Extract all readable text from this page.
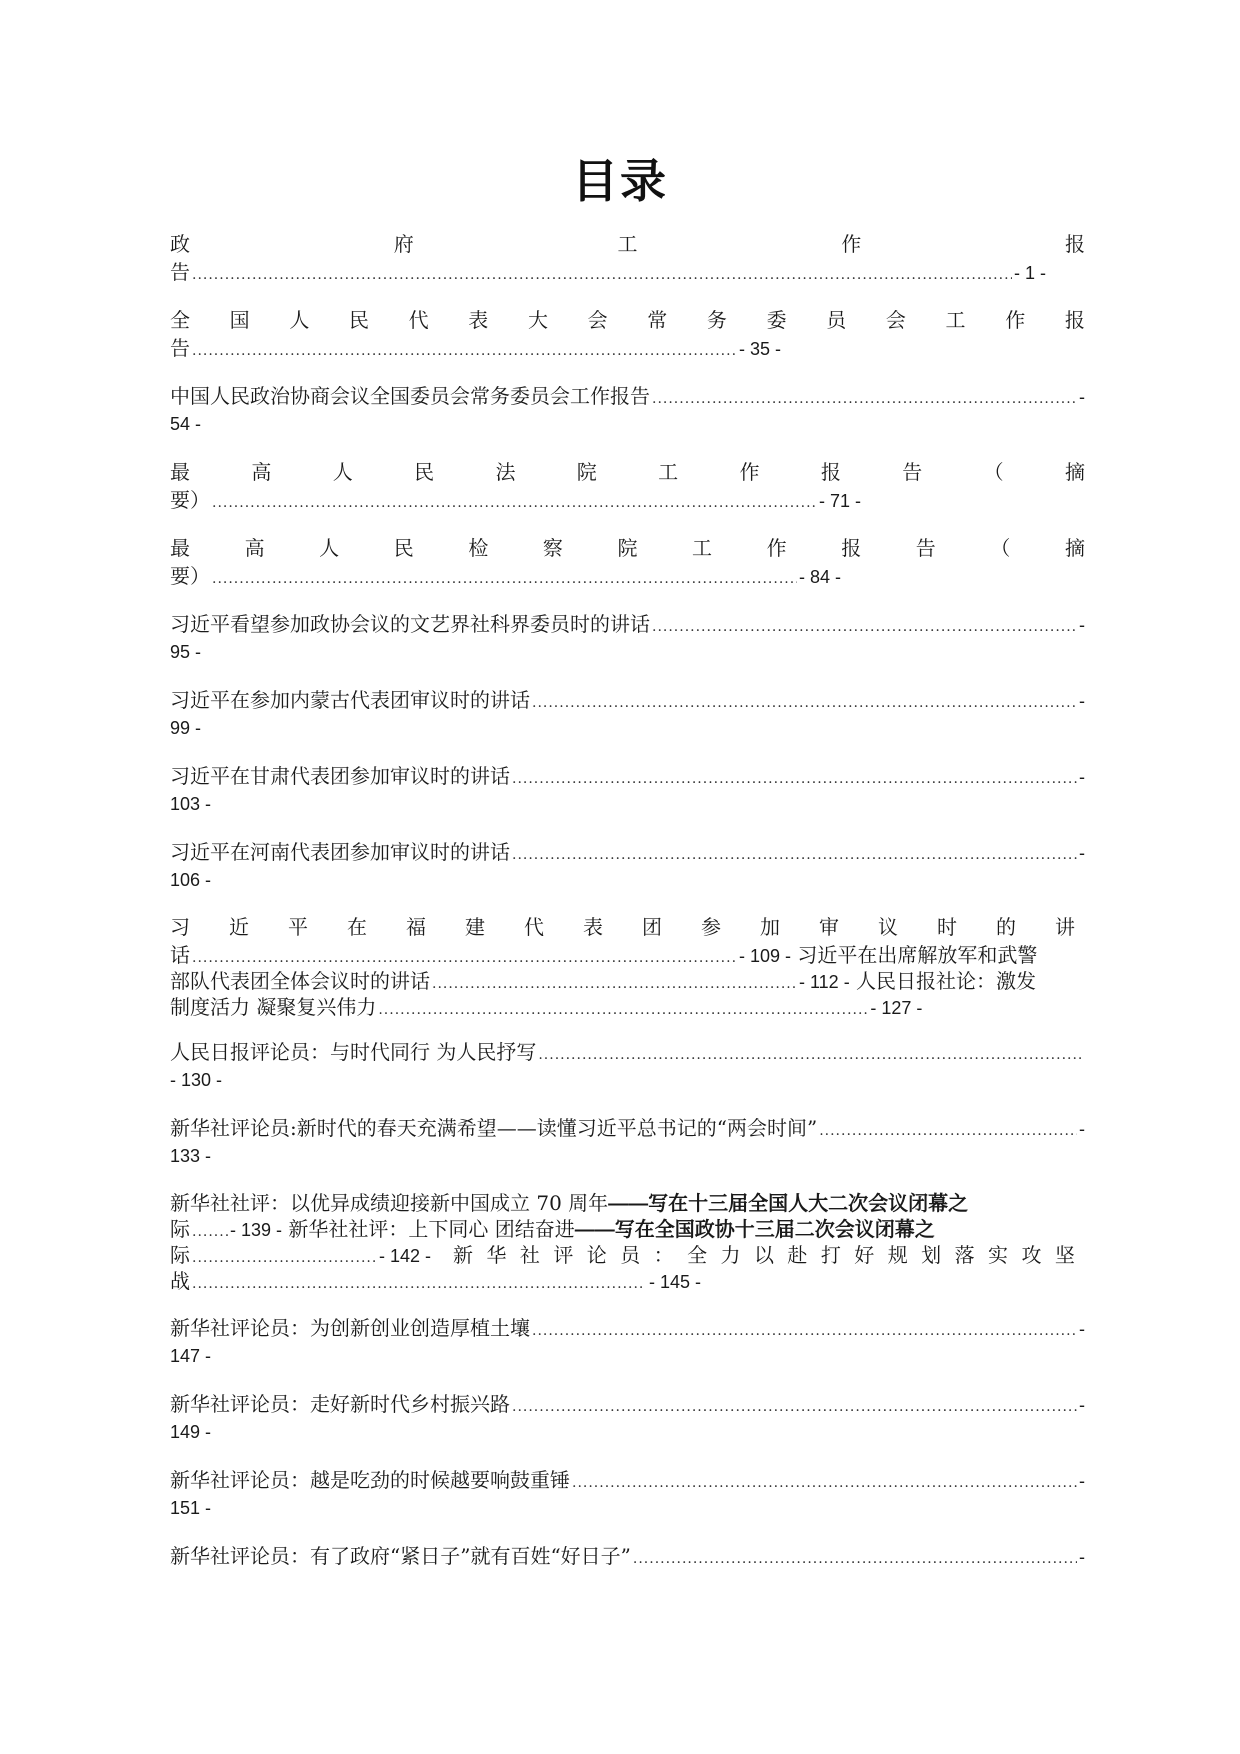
目录
政	府	工	作	报
告 .....	- 1 -
全 国 人 民 代 表 大 会 常 务 委 员 会 工 作 报
告 .....	- 35 -
中国人民政治协商会议全国委员会常务委员会工作报告 .....	-
54 -
最	高	人	民	法	院	工	作	报	告	（	摘
要） .....	- 71 -
最	高	人	民	检	察	院	工	作	报	告	（	摘
要） .....	- 84 -
习近平看望参加政协会议的文艺界社科界委员时的讲话 .....	-
95 -
习近平在参加内蒙古代表团审议时的讲话 .....	-
99 -
习近平在甘肃代表团参加审议时的讲话 .....	-
103 -
习近平在河南代表团参加审议时的讲话 .....	-
106 -
习 近 平 在 福 建 代 表 团 参 加 审 议 时 的 讲
话 .....	- 109 - 习近平在出席解放军和武警
部队代表团全体会议时的讲话 .....	- 112 - 人民日报社论：激发
制度活力 凝聚复兴伟力 .....	- 127 -
人民日报评论员：与时代同行 为人民抒写
.....
- 130 -
新华社评论员:新时代的春天充满希望——读懂习近平总书记的“两会时间” .....	-
133 -
新华社社评：以优异成绩迎接新中国成立 70 周年 ——写在十三届全国人大二次会议闭幕之
际 ..... - 139 - 新华社社评：上下同心 团结奋进 ——写在全国政协十三届二次会议闭幕之
际 .....	- 142 - 新 华 社 评 论 员 ： 全 力 以 赴 打 好 规 划 落 实 攻 坚
战 .....	- 145 -
新华社评论员：为创新创业创造厚植土壤 .....	-
147 -
新华社评论员：走好新时代乡村振兴路 .....	-
149 -
新华社评论员：越是吃劲的时候越要响鼓重锤 .....	-
151 -
新华社评论员：有了政府“紧日子”就有百姓“好日子” .....	-
